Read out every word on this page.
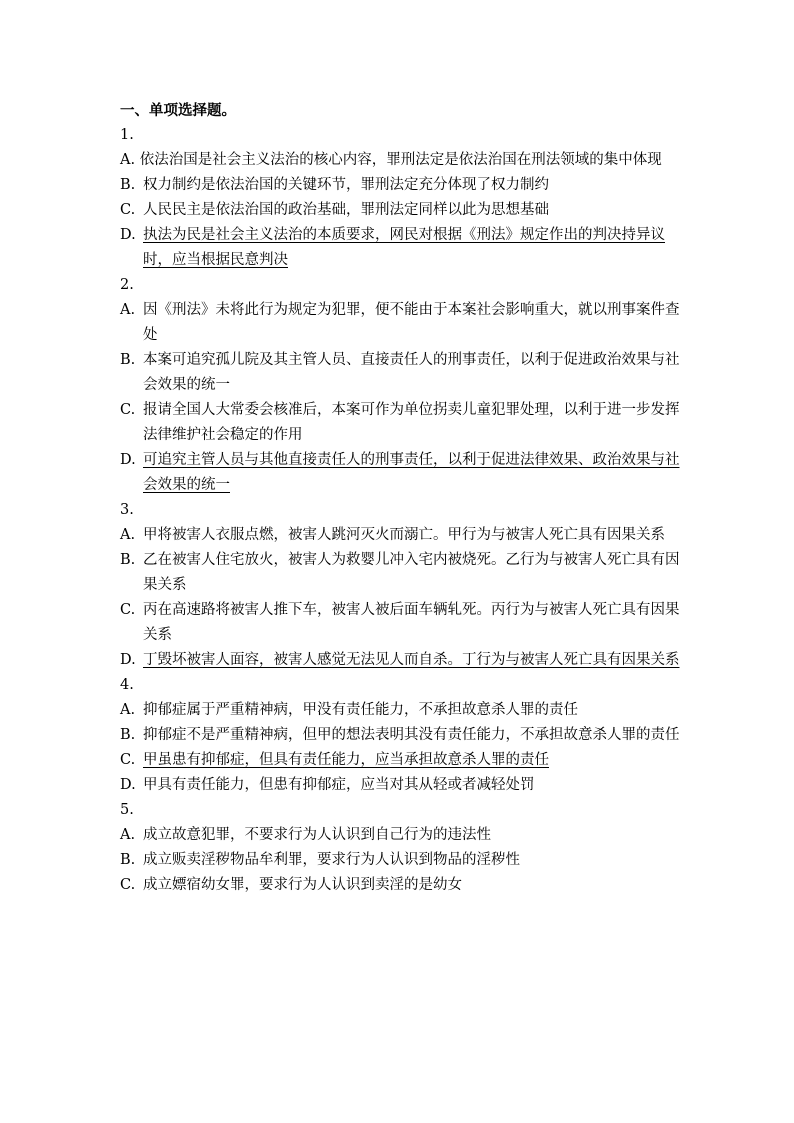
一、单项选择题。

1.

A. 依法治国是社会主义法治的核心内容，罪刑法定是依法治国在刑法领域的集中体现
B. 权力制约是依法治国的关键环节，罪刑法定充分体现了权力制约
C. 人民民主是依法治国的政治基础，罪刑法定同样以此为思想基础
D. 执法为民是社会主义法治的本质要求，网民对根据《刑法》规定作出的判决持异议时，应当根据民意判决

2.

A. 因《刑法》未将此行为规定为犯罪，便不能由于本案社会影响重大，就以刑事案件查处
B. 本案可追究孤儿院及其主管人员、直接责任人的刑事责任，以利于促进政治效果与社会效果的统一
C. 报请全国人大常委会核准后，本案可作为单位拐卖儿童犯罪处理，以利于进一步发挥法律维护社会稳定的作用
D. 可追究主管人员与其他直接责任人的刑事责任，以利于促进法律效果、政治效果与社会效果的统一

3.

A. 甲将被害人衣服点燃，被害人跳河灭火而溺亡。甲行为与被害人死亡具有因果关系
B. 乙在被害人住宅放火，被害人为救婴儿冲入宅内被烧死。乙行为与被害人死亡具有因果关系
C. 丙在高速路将被害人推下车，被害人被后面车辆轧死。丙行为与被害人死亡具有因果关系
D. 丁毁坏被害人面容，被害人感觉无法见人而自杀。丁行为与被害人死亡具有因果关系

4.

A. 抑郁症属于严重精神病，甲没有责任能力，不承担故意杀人罪的责任
B. 抑郁症不是严重精神病，但甲的想法表明其没有责任能力，不承担故意杀人罪的责任
C. 甲虽患有抑郁症，但具有责任能力，应当承担故意杀人罪的责任
D. 甲具有责任能力，但患有抑郁症，应当对其从轻或者减轻处罚

5.

A. 成立故意犯罪，不要求行为人认识到自己行为的违法性
B. 成立贩卖淫秽物品牟利罪，要求行为人认识到物品的淫秽性
C. 成立嫖宿幼女罪，要求行为人认识到卖淫的是幼女
